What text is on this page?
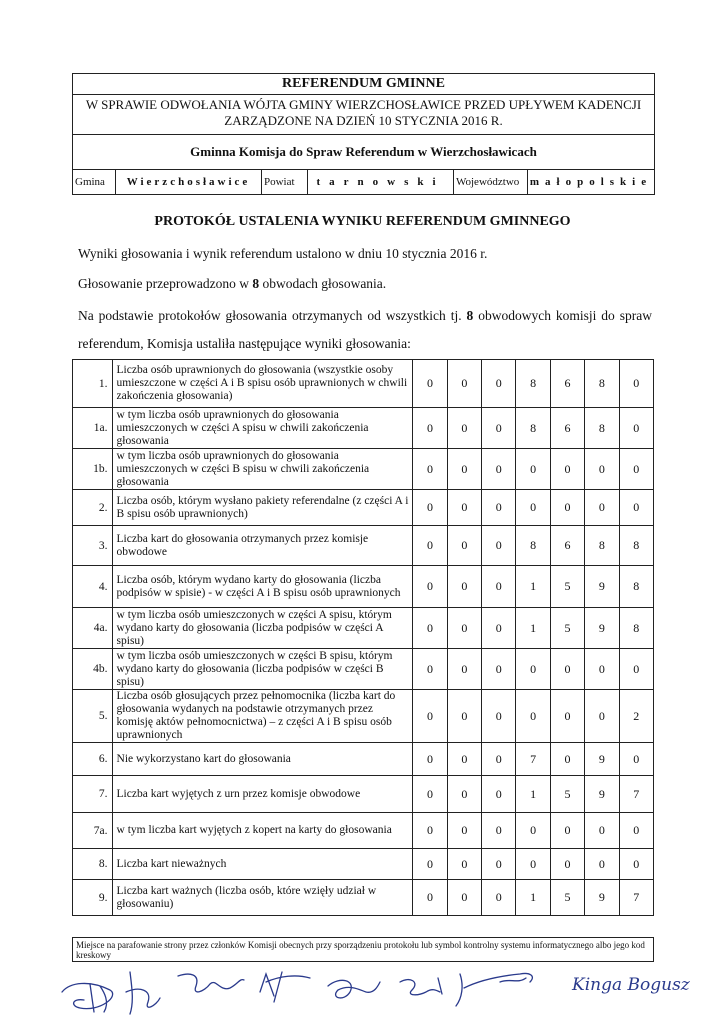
REFERENDUM GMINNE
W SPRAWIE ODWOŁANIA WÓJTA GMINY WIERZCHOSŁAWICE PRZED UPŁYWEM KADENCJI
ZARZĄDZONE NA DZIEŃ 10 STYCZNIA 2016 R.
Gminna Komisja do Spraw Referendum w Wierzchosławicach
Gmina	Wierzchosławice	Powiat	tarnowski	Województwo małopolskie
PROTOKÓŁ USTALENIA WYNIKU REFERENDUM GMINNEGO
Wyniki głosowania i wynik referendum ustalono w dniu 10 stycznia 2016 r.
Głosowanie przeprowadzono w 8 obwodach głosowania.
Na podstawie protokołów głosowania otrzymanych od wszystkich tj. 8 obwodowych komisji do spraw referendum, Komisja ustaliła następujące wyniki głosowania:
1.	Liczba osób uprawnionych do głosowania (wszystkie osoby umieszczone w części A i B spisu osób uprawnionych w chwili zakończenia głosowania)	0	0	0	8	6	8	0
1a.	w tym liczba osób uprawnionych do głosowania umieszczonych w części A spisu w chwili zakończenia głosowania	0	0	0	8	6	8	0
1b.	w tym liczba osób uprawnionych do głosowania umieszczonych w części B spisu w chwili zakończenia głosowania	0	0	0	0	0	0	0
2.	Liczba osób, którym wysłano pakiety referendalne (z części A i B spisu osób uprawnionych)	0	0	0	0	0	0	0
3.	Liczba kart do głosowania otrzymanych przez komisje obwodowe	0	0	0	8	6	8	8
4.	Liczba osób, którym wydano karty do głosowania (liczba podpisów w spisie) - w części A i B spisu osób uprawnionych	0	0	0	1	5	9	8
4a.	w tym liczba osób umieszczonych w części A spisu, którym wydano karty do głosowania (liczba podpisów w części A spisu)	0	0	0	1	5	9	8
4b.	w tym liczba osób umieszczonych w części B spisu, którym wydano karty do głosowania (liczba podpisów w części B spisu)	0	0	0	0	0	0	0
5.	Liczba osób głosujących przez pełnomocnika (liczba kart do głosowania wydanych na podstawie otrzymanych przez komisję aktów pełnomocnictwa) – z części A i B spisu osób uprawnionych	0	0	0	0	0	0	2
6.	Nie wykorzystano kart do głosowania	0	0	0	7	0	9	0
7.	Liczba kart wyjętych z urn przez komisje obwodowe	0	0	0	1	5	9	7
7a.	w tym liczba kart wyjętych z kopert na karty do głosowania	0	0	0	0	0	0	0
8.	Liczba kart nieważnych	0	0	0	0	0	0	0
9.	Liczba kart ważnych (liczba osób, które wzięły udział w głosowaniu)	0	0	0	1	5	9	7
Miejsce na parafowanie strony przez członków Komisji obecnych przy sporządzeniu protokołu lub symbol kontrolny systemu informatycznego albo jego kod kreskowy
Kinga Bogusz
